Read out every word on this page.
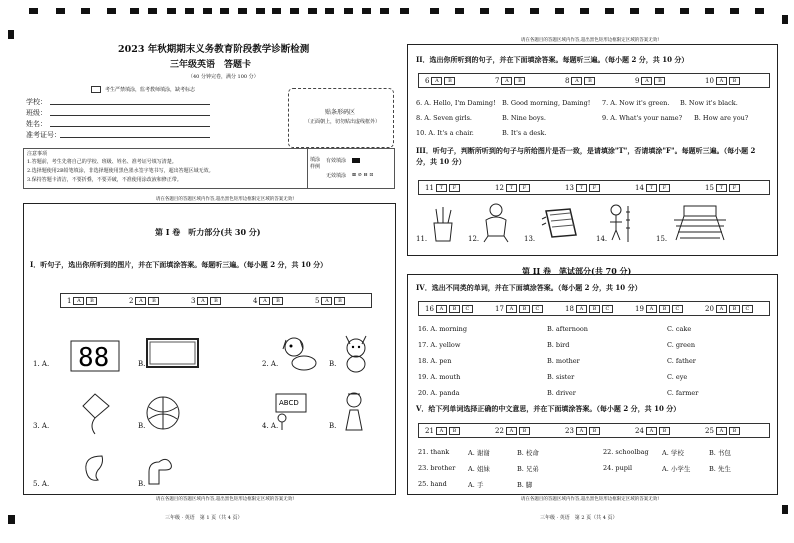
2023 年秋期期末义务教育阶段教学诊断检测
三年级英语　答题卡
（40 分钟完卷，满分 100 分）
考生严禁填涂，监考教师填涂，缺考标志
学校：
班级：
姓名：
准考证号：
贴条形码区
（正面朝上，切勿贴出虚线框外）
注意事项
1.答题前，考生先将自己的学校、班级、姓名、准考证号填写清楚。
2.选择题使用2B铅笔填涂，非选择题使用黑色墨水签字笔书写，超出答题区域无效。
3.保持答题卡清洁，不要折叠，不要弄破，不准使用涂改液和修正带。
填涂样例
有效填涂
无效填涂 ⊠ ⊘ ⊟ ⊡
请在各题目的答题区域内作答,超出黑色矩形边框限定区域的答案无效!
第 I 卷　听力部分(共 30 分)
I．听句子，选出你所听到的图片，并在下面填涂答案。每题听三遍。（每小题 2 分，共 10 分）
1 A B	2 A B	3 A B	4 A B	5 A B
1. A. 88	B.	2. A.	B.
3. A.	B.	4. A.
ABCD
B.
5. A.	B.
请在各题目的答题区域内作答,超出黑色矩形边框限定区域的答案无效!
三年级 · 英语　第 1 页（共 4 页）
请在各题目的答题区域内作答,超出黑色矩形边框限定区域的答案无效!
II．选出你所听到的句子，并在下面填涂答案。每题听三遍。（每小题 2 分，共 10 分）
6 A B	7 A B	8 A B	9 A B	10 A B
6. A. Hello, I'm Daming! B. Good morning, Daming! 7. A. Now it's green. B. Now it's black.
8. A. Seven girls.	B. Nine boys.	9. A. What's your name? B. How are you?
10. A. It's a chair.	B. It's a desk.
III．听句子，判断所听到的句子与所给图片是否一致，是请填涂"T"，否请填涂"F"。每题听三遍。（每小题 2 分，共 10 分）
11 T F	12 T F	13 T F	14 T F	15 T F
11.	12.	13.	14.	15.
第 II 卷　笔试部分(共 70 分)
IV．选出不同类的单词，并在下面填涂答案。（每小题 2 分，共 10 分）
16 A B C	17 A B C	18 A B C	19 A B C	20 A B C
16. A. morning	B. afternoon	C. cake
17. A. yellow	B. bird	C. green
18. A. pen	B. mother	C. father
19. A. mouth	B. sister	C. eye
20. A. panda	B. driver	C. farmer
V．给下列单词选择正确的中文意思，并在下面填涂答案。（每小题 2 分，共 10 分）
21 A B	22 A B	23 A B	24 A B	25 A B
21. thank	A. 谢谢	B. 校命	22. schoolbag A. 学校	B. 书包
23. brother A. 姐妹	B. 兄弟	24. pupil	A. 小学生	B. 先生
25. hand	A. 手	B. 脚
请在各题目的答题区域内作答,超出黑色矩形边框限定区域的答案无效!
三年级 · 英语　第 2 页（共 4 页）
